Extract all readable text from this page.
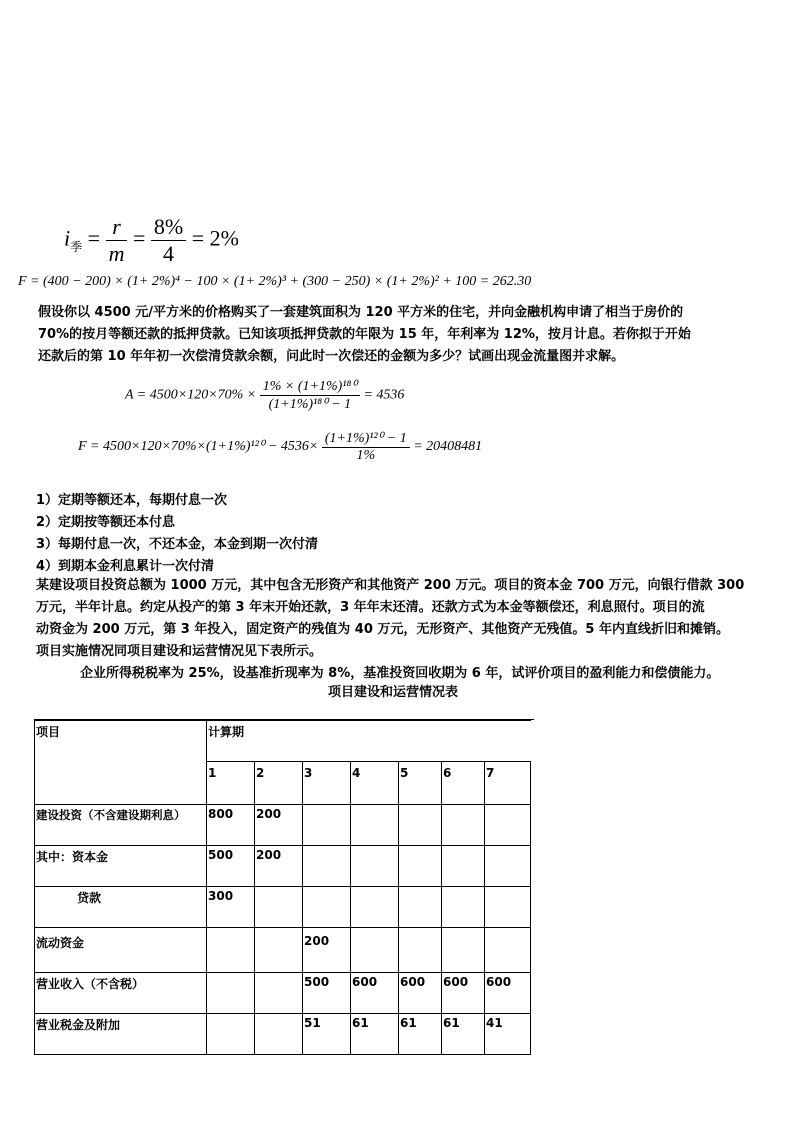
$i_季 = \frac{r}{m} = \frac{8\%}{4} = 2\%$
F = (400 − 200) × (1+ 2%)⁴ − 100 × (1+ 2%)³ + (300 − 250) × (1+ 2%)² + 100 = 262.30
假设你以 4500 元/平方米的价格购买了一套建筑面积为 120 平方米的住宅，并向金融机构申请了相当于房价的
70%的按月等额还款的抵押贷款。已知该项抵押贷款的年限为 15 年，年利率为 12%，按月计息。若你拟于开始
还款后的第 10 年年初一次偿清贷款余额，问此时一次偿还的金额为多少？试画出现金流量图并求解。
$A = 4500\times 120\times 70\% \times \frac{\text{1\% × (1+1\%)¹⁸⁰}}{\text{(1+1\%)¹⁸⁰ − 1}} = 4536$
$F = 4500\times 120\times 70\%\times(1+1\%)^{120} - 4536\times \frac{\text{(1+1\%)¹²⁰ − 1}}{1\%} = 20408481$
1）定期等额还本，每期付息一次
2）定期按等额还本付息
3）每期付息一次，不还本金，本金到期一次付清
4）到期本金利息累计一次付清
某建设项目投资总额为 1000 万元，其中包含无形资产和其他资产 200 万元。项目的资本金 700 万元，向银行借款 300
万元，半年计息。约定从投产的第 3 年末开始还款，3 年年末还清。还款方式为本金等额偿还，利息照付。项目的流
动资金为 200 万元，第 3 年投入，固定资产的残值为 40 万元，无形资产、其他资产无残值。5 年内直线折旧和摊销。
项目实施情况同项目建设和运营情况见下表所示。
企业所得税税率为 25%，设基准折现率为 8%，基准投资回收期为 6 年，试评价项目的盈利能力和偿债能力。
项目建设和运营情况表
项目	计算期						
	1	2	3	4	5	6	7
建设投资（不含建设期利息）	800	200					
其中：资本金	500	200					
贷款	300						
流动资金			200				
营业收入（不含税）			500	600	600	600	600
营业税金及附加			51	61	61	61	41
